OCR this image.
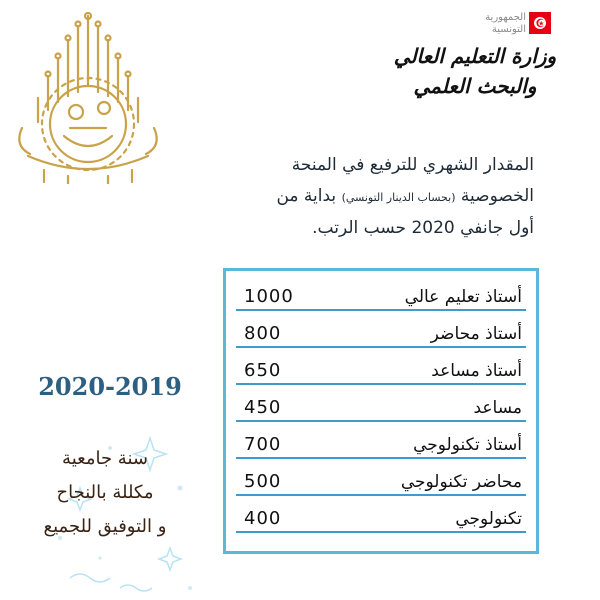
الجمهورية
التونسية
وزارة التعليم العالي
والبحث العلمي
المقدار الشهري للترفيع في المنحة
الخصوصية (بحساب الدينار التونسي) بداية من
أول جانفي 2020 حسب الرتب.
أستاذ تعليم عالي
1000
أستاذ محاضر
800
أستاذ مساعد
650
مساعد
450
أستاذ تكنولوجي
700
محاضر تكنولوجي
500
تكنولوجي
400
2020-2019
سنة جامعية
مكللة بالنجاح
و التوفيق للجميع
